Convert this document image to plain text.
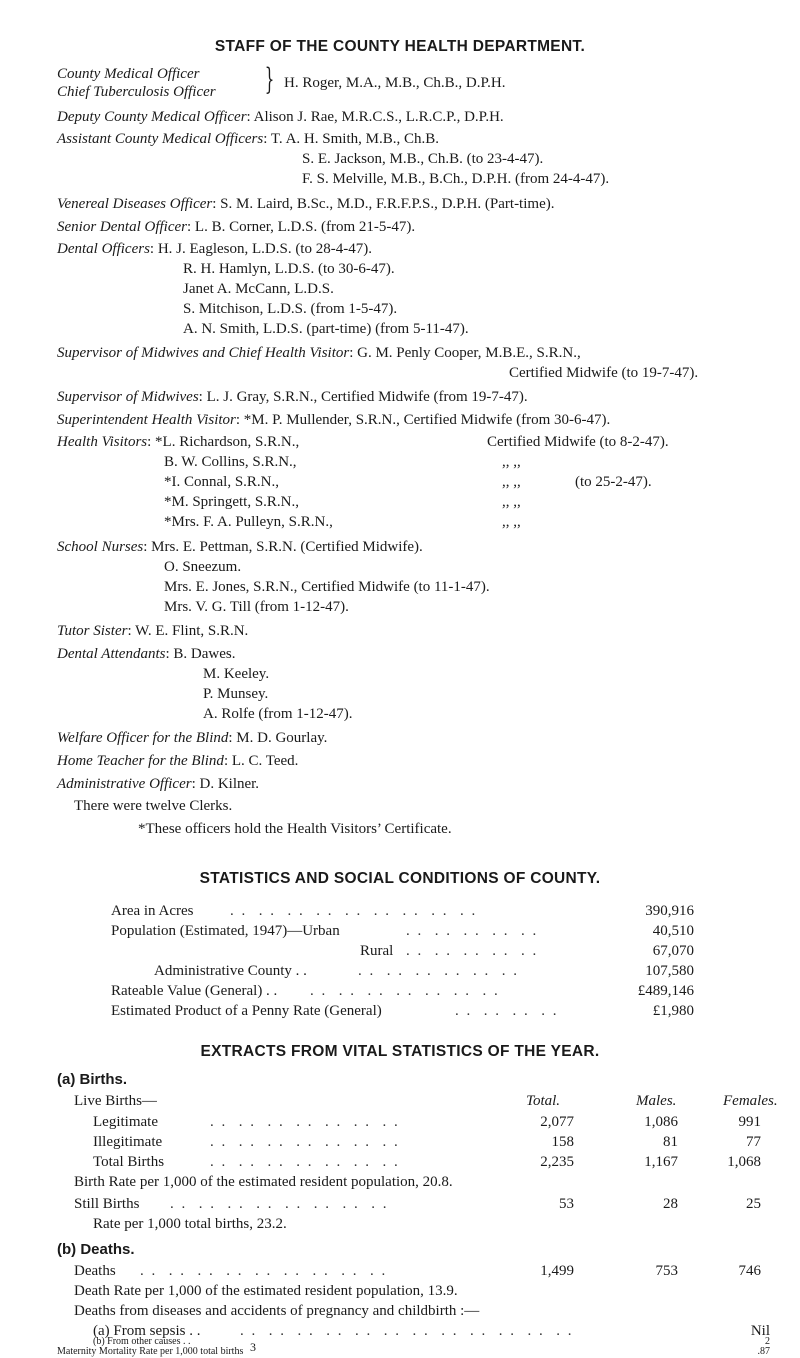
STAFF OF THE COUNTY HEALTH DEPARTMENT.
County Medical Officer
Chief Tuberculosis Officer } H. Roger, M.A., M.B., Ch.B., D.P.H.
Deputy County Medical Officer: Alison J. Rae, M.R.C.S., L.R.C.P., D.P.H.
Assistant County Medical Officers: T. A. H. Smith, M.B., Ch.B.
S. E. Jackson, M.B., Ch.B. (to 23-4-47).
F. S. Melville, M.B., B.Ch., D.P.H. (from 24-4-47).
Venereal Diseases Officer: S. M. Laird, B.Sc., M.D., F.R.F.P.S., D.P.H. (Part-time).
Senior Dental Officer: L. B. Corner, L.D.S. (from 21-5-47).
Dental Officers: H. J. Eagleson, L.D.S. (to 28-4-47).
R. H. Hamlyn, L.D.S. (to 30-6-47).
Janet A. McCann, L.D.S.
S. Mitchison, L.D.S. (from 1-5-47).
A. N. Smith, L.D.S. (part-time) (from 5-11-47).
Supervisor of Midwives and Chief Health Visitor: G. M. Penly Cooper, M.B.E., S.R.N.,
Certified Midwife (to 19-7-47).
Supervisor of Midwives: L. J. Gray, S.R.N., Certified Midwife (from 19-7-47).
Superintendent Health Visitor: *M. P. Mullender, S.R.N., Certified Midwife (from 30-6-47).
Health Visitors: *L. Richardson, S.R.N.,	Certified Midwife (to 8-2-47).
B. W. Collins, S.R.N.,	,, ,,
*I. Connal, S.R.N.,	,, ,,	(to 25-2-47).
*M. Springett, S.R.N.,	,, ,,
*Mrs. F. A. Pulleyn, S.R.N.,	,, ,,
School Nurses: Mrs. E. Pettman, S.R.N. (Certified Midwife).
O. Sneezum.
Mrs. E. Jones, S.R.N., Certified Midwife (to 11-1-47).
Mrs. V. G. Till (from 1-12-47).
Tutor Sister: W. E. Flint, S.R.N.
Dental Attendants: B. Dawes.
M. Keeley.
P. Munsey.
A. Rolfe (from 1-12-47).
Welfare Officer for the Blind: M. D. Gourlay.
Home Teacher for the Blind: L. C. Teed.
Administrative Officer: D. Kilner.
There were twelve Clerks.
*These officers hold the Health Visitors’ Certificate.
STATISTICS AND SOCIAL CONDITIONS OF COUNTY.
Area in Acres . .  . .  . .  . .  . .  . .  . .  . .  . .	390,916
Population (Estimated, 1947)—Urban	. .  . .  . .  . .  . .	40,510
Rural . .  . .  . .  . .  . .	67,070
Administrative County . .	. .  . .  . .  . .  . .  . .	107,580
Rateable Value (General) . . . .  . .  . .  . .  . .  . .  . .	£489,146
Estimated Product of a Penny Rate (General)	. .  . .  . .  . .	£1,980
EXTRACTS FROM VITAL STATISTICS OF THE YEAR.
(a) Births.
Live Births—	Total.	Males.	Females.
Legitimate	. .  . .  . .  . .  . .  . .  . .	2,077	1,086	991
Illegitimate	. .  . .  . .  . .  . .  . .  . .	158	81	77
Total Births	. .  . .  . .  . .  . .  . .  . .	2,235	1,167	1,068
Birth Rate per 1,000 of the estimated resident population, 20.8.
Still Births . .  . .  . .  . .  . .  . .  . .  . .	53	28	25
Rate per 1,000 total births, 23.2.
(b) Deaths.
Deaths . .  . .  . .  . .  . .  . .  . .  . .  . .	1,499	753	746
Death Rate per 1,000 of the estimated resident population, 13.9.
Deaths from diseases and accidents of pregnancy and childbirth :—
(a) From sepsis . .	. .  . .  . .  . .  . .  . .  . .  . .  . .  . .  . .  . .	Nil
(b) From other causes . .	2
Maternity Mortality Rate per 1,000 total births	.87
3
